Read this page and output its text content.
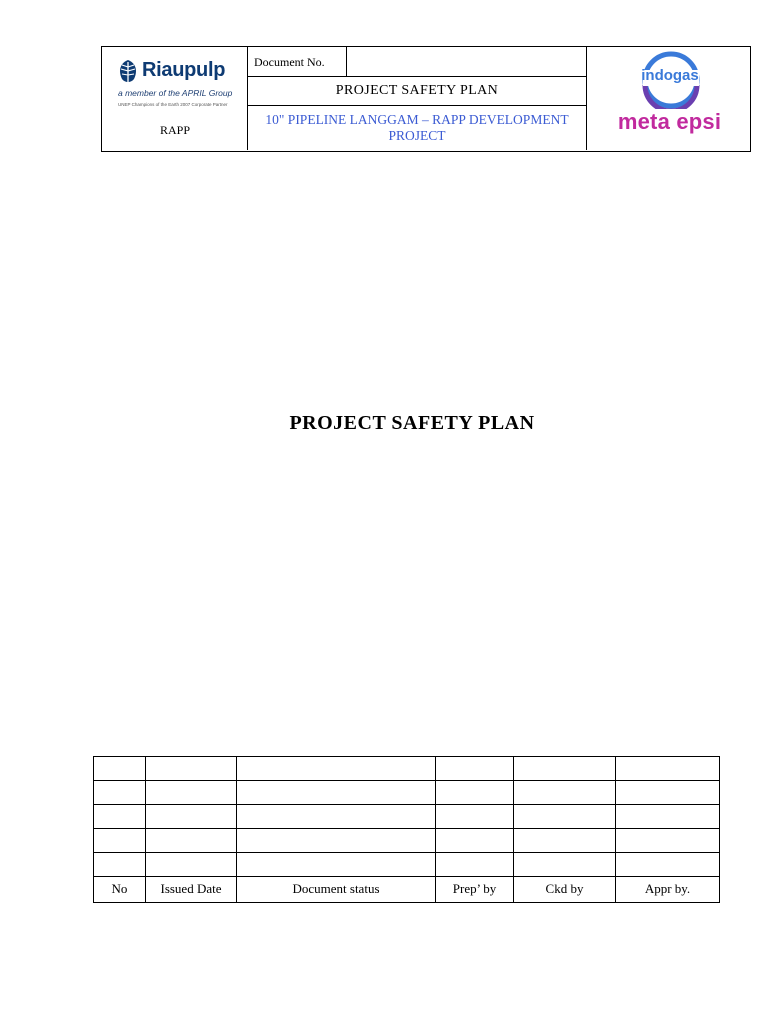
Riaupulp
a member of the APRIL Group
UNEP Champions of the Earth 2007 Corporate Partner
RAPP
Document No.
PROJECT SAFETY PLAN
10" PIPELINE LANGGAM – RAPP DEVELOPMENT PROJECT
indogas
meta epsi
PROJECT SAFETY PLAN

No	Issued Date	Document status	Prep’ by	Ckd by	Appr by.
